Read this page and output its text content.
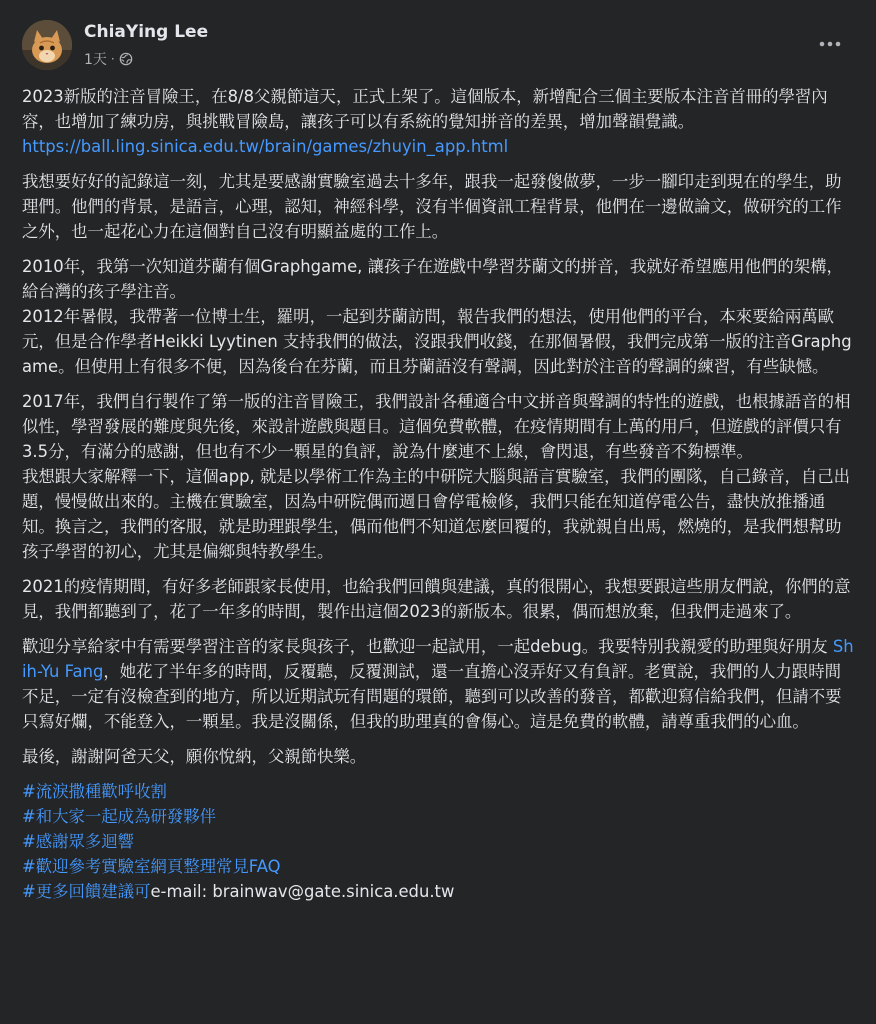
ChiaYing Lee
1天 ·

2023新版的注音冒險王，在8/8父親節這天，正式上架了。這個版本，新增配合三個主要版本注音首冊的學習內容，也增加了練功房，與挑戰冒險島，讓孩子可以有系統的覺知拼音的差異，增加聲韻覺識。

https://ball.ling.sinica.edu.tw/brain/games/zhuyin_app.html

我想要好好的記錄這一刻，尤其是要感謝實驗室過去十多年，跟我一起發傻做夢，一步一腳印走到現在的學生，助理們。他們的背景，是語言，心理，認知，神經科學，沒有半個資訊工程背景，他們在一邊做論文，做研究的工作之外，也一起花心力在這個對自己沒有明顯益處的工作上。

2010年，我第一次知道芬蘭有個Graphgame, 讓孩子在遊戲中學習芬蘭文的拼音，我就好希望應用他們的架構，給台灣的孩子學注音。

2012年暑假，我帶著一位博士生，羅明，一起到芬蘭訪問，報告我們的想法，使用他們的平台，本來要給兩萬歐元，但是合作學者Heikki Lyytinen 支持我們的做法，沒跟我們收錢，在那個暑假，我們完成第一版的注音Graphgame。但使用上有很多不便，因為後台在芬蘭，而且芬蘭語沒有聲調，因此對於注音的聲調的練習，有些缺憾。

2017年，我們自行製作了第一版的注音冒險王，我們設計各種適合中文拼音與聲調的特性的遊戲，也根據語音的相似性，學習發展的難度與先後，來設計遊戲與題目。這個免費軟體，在疫情期間有上萬的用戶，但遊戲的評價只有3.5分，有滿分的感謝，但也有不少一顆星的負評，說為什麼連不上線，會閃退，有些發音不夠標準。

我想跟大家解釋一下，這個app, 就是以學術工作為主的中研院大腦與語言實驗室，我們的團隊，自己錄音，自己出題，慢慢做出來的。主機在實驗室，因為中研院偶而週日會停電檢修，我們只能在知道停電公告，盡快放推播通知。換言之，我們的客服，就是助理跟學生，偶而他們不知道怎麼回覆的，我就親自出馬，燃燒的，是我們想幫助孩子學習的初心，尤其是偏鄉與特教學生。

2021的疫情期間，有好多老師跟家長使用，也給我們回饋與建議，真的很開心，我想要跟這些朋友們說，你們的意見，我們都聽到了，花了一年多的時間，製作出這個2023的新版本。很累，偶而想放棄，但我們走過來了。

歡迎分享給家中有需要學習注音的家長與孩子，也歡迎一起試用，一起debug。我要特別我親愛的助理與好朋友 Shih-Yu Fang，她花了半年多的時間，反覆聽，反覆測試，還一直擔心沒弄好又有負評。老實說，我們的人力跟時間不足，一定有沒檢查到的地方，所以近期試玩有問題的環節，聽到可以改善的發音，都歡迎寫信給我們，但請不要只寫好爛，不能登入，一顆星。我是沒關係，但我的助理真的會傷心。這是免費的軟體，請尊重我們的心血。

最後，謝謝阿爸天父，願你悅納，父親節快樂。

#流淚撒種歡呼收割
#和大家一起成為研發夥伴
#感謝眾多迴響
#歡迎參考實驗室網頁整理常見FAQ
#更多回饋建議可e-mail: brainwav@gate.sinica.edu.tw
